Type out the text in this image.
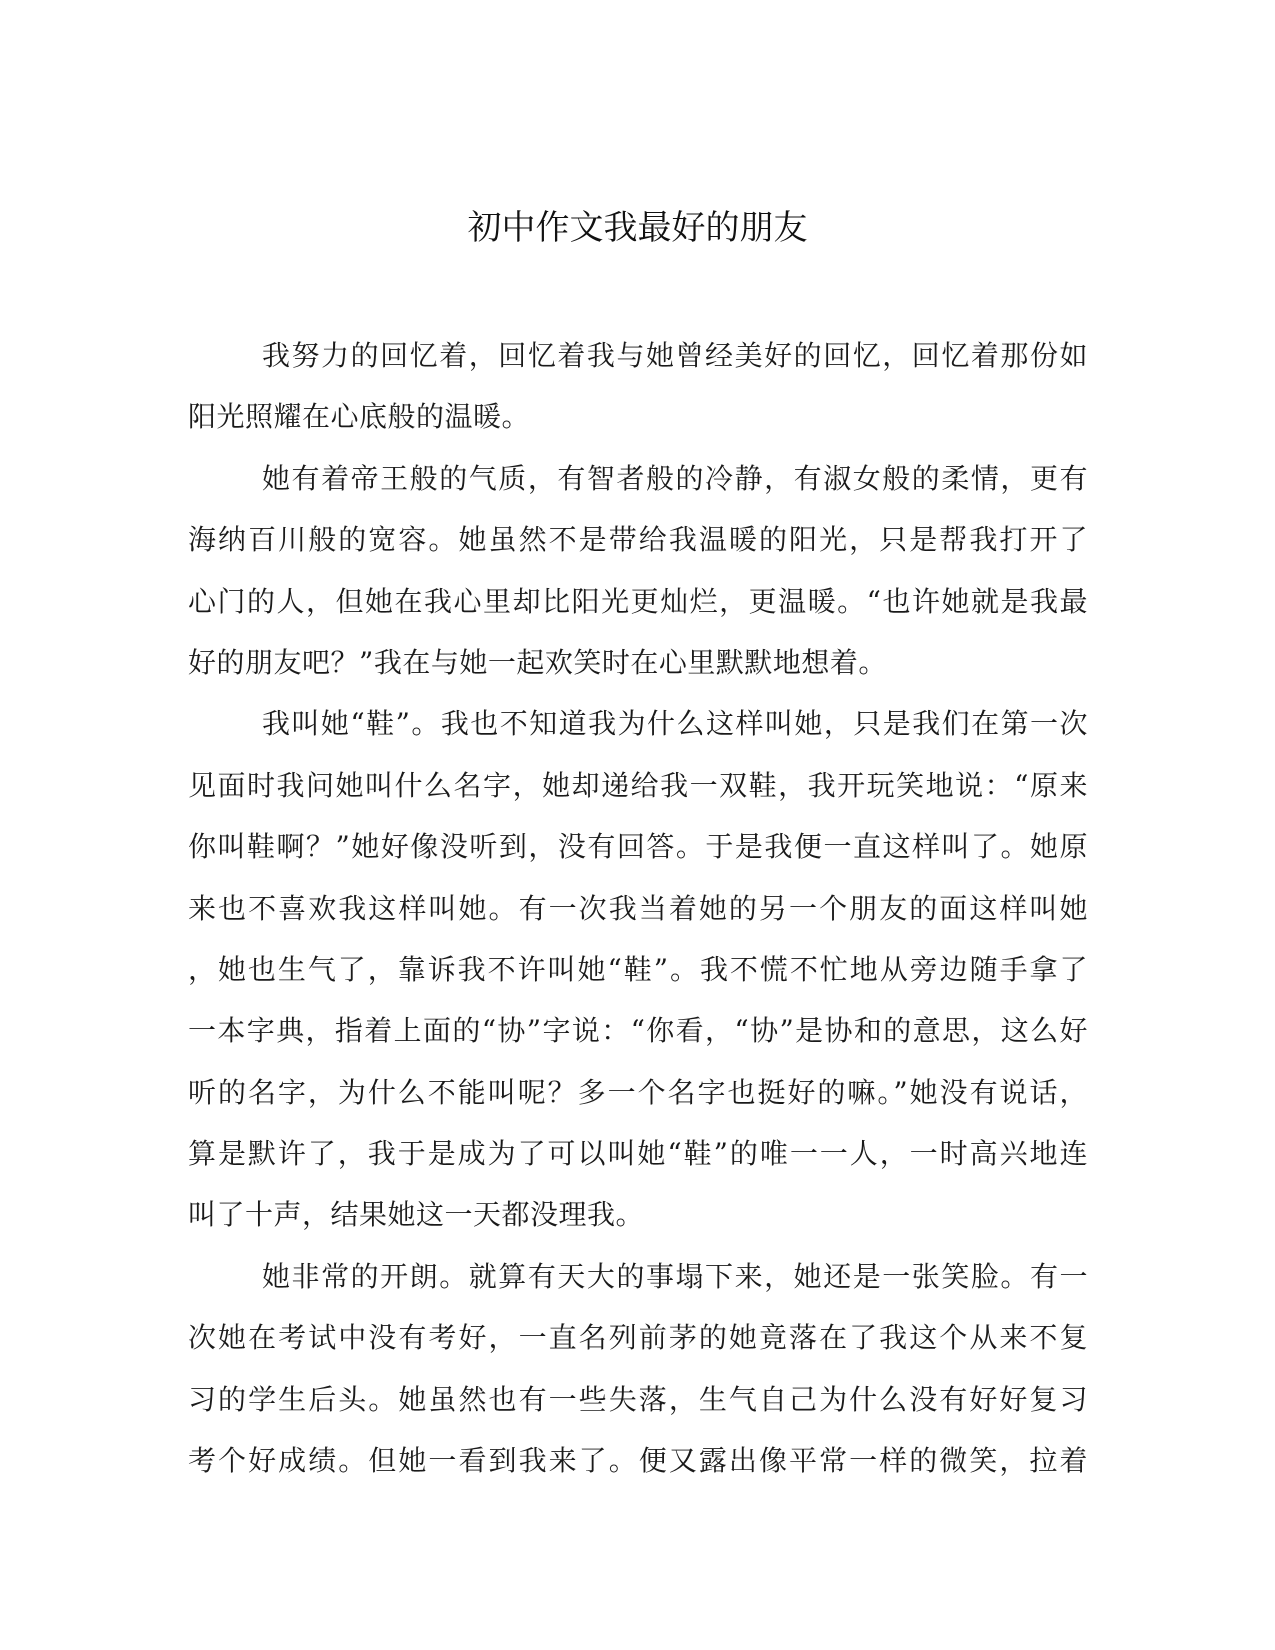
初中作文我最好的朋友
我努力的回忆着，回忆着我与她曾经美好的回忆，回忆着那份如
阳光照耀在心底般的温暖。
她有着帝王般的气质，有智者般的冷静，有淑女般的柔情，更有
海纳百川般的宽容。她虽然不是带给我温暖的阳光，只是帮我打开了
心门的人，但她在我心里却比阳光更灿烂，更温暖。“也许她就是我最
好的朋友吧？”我在与她一起欢笑时在心里默默地想着。
我叫她“鞋”。我也不知道我为什么这样叫她，只是我们在第一次
见面时我问她叫什么名字，她却递给我一双鞋，我开玩笑地说：“原来
你叫鞋啊？”她好像没听到，没有回答。于是我便一直这样叫了。她原
来也不喜欢我这样叫她。有一次我当着她的另一个朋友的面这样叫她
，她也生气了，靠诉我不许叫她“鞋”。我不慌不忙地从旁边随手拿了
一本字典，指着上面的“协”字说：“你看，“协”是协和的意思，这么好
听的名字，为什么不能叫呢？多一个名字也挺好的嘛。”她没有说话，
算是默许了，我于是成为了可以叫她“鞋”的唯一一人，一时高兴地连
叫了十声，结果她这一天都没理我。
她非常的开朗。就算有天大的事塌下来，她还是一张笑脸。有一
次她在考试中没有考好，一直名列前茅的她竟落在了我这个从来不复
习的学生后头。她虽然也有一些失落，生气自己为什么没有好好复习
考个好成绩。但她一看到我来了。便又露出像平常一样的微笑，拉着
